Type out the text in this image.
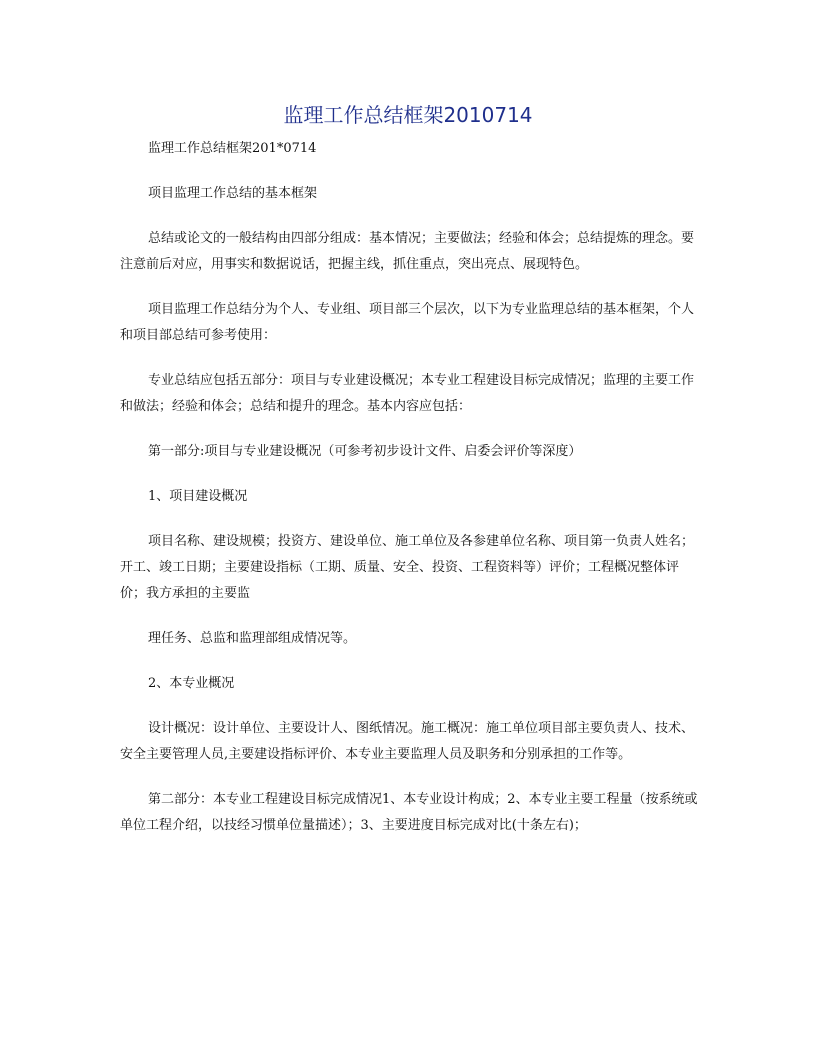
监理工作总结框架2010714

监理工作总结框架201*0714

项目监理工作总结的基本框架

总结或论文的一般结构由四部分组成：基本情况；主要做法；经验和体会；总结提炼的理念。要注意前后对应，用事实和数据说话，把握主线，抓住重点，突出亮点、展现特色。

项目监理工作总结分为个人、专业组、项目部三个层次，以下为专业监理总结的基本框架，个人和项目部总结可参考使用：

专业总结应包括五部分：项目与专业建设概况；本专业工程建设目标完成情况；监理的主要工作和做法；经验和体会；总结和提升的理念。基本内容应包括：

第一部分:项目与专业建设概况（可参考初步设计文件、启委会评价等深度）

1、项目建设概况

项目名称、建设规模；投资方、建设单位、施工单位及各参建单位名称、项目第一负责人姓名；开工、竣工日期；主要建设指标（工期、质量、安全、投资、工程资料等）评价；工程概况整体评价；我方承担的主要监

理任务、总监和监理部组成情况等。

2、本专业概况

设计概况：设计单位、主要设计人、图纸情况。施工概况：施工单位项目部主要负责人、技术、安全主要管理人员,主要建设指标评价、本专业主要监理人员及职务和分别承担的工作等。

第二部分：本专业工程建设目标完成情况1、本专业设计构成；2、本专业主要工程量（按系统或单位工程介绍，以技经习惯单位量描述）；3、主要进度目标完成对比(十条左右)；
